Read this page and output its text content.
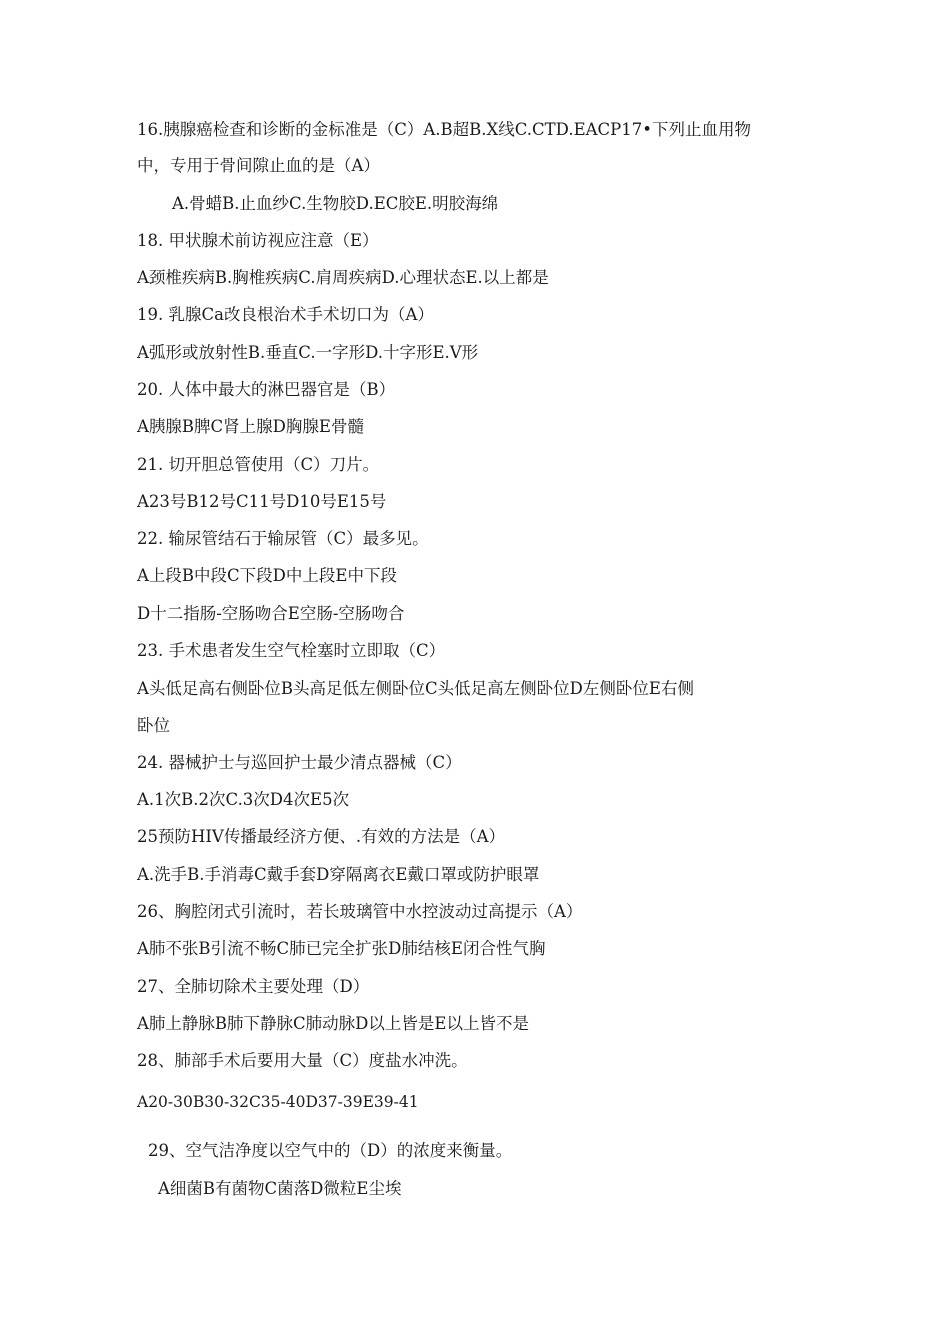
16.胰腺癌检查和诊断的金标准是（C）A.B超B.X线C.CTD.EACP17•下列止血用物
中，专用于骨间隙止血的是（A）
A.骨蜡B.止血纱C.生物胶D.EC胶E.明胶海绵
18. 甲状腺术前访视应注意（E）
A颈椎疾病B.胸椎疾病C.肩周疾病D.心理状态E.以上都是
19. 乳腺Ca改良根治术手术切口为（A）
A弧形或放射性B.垂直C.一字形D.十字形E.V形
20. 人体中最大的淋巴器官是（B）
A胰腺B脾C肾上腺D胸腺E骨髓
21. 切开胆总管使用（C）刀片。
A23号B12号C11号D10号E15号
22. 输尿管结石于输尿管（C）最多见。
A上段B中段C下段D中上段E中下段
D十二指肠-空肠吻合E空肠-空肠吻合
23. 手术患者发生空气栓塞时立即取（C）
A头低足高右侧卧位B头高足低左侧卧位C头低足高左侧卧位D左侧卧位E右侧
卧位
24. 器械护士与巡回护士最少清点器械（C）
A.1次B.2次C.3次D4次E5次
25预防HIV传播最经济方便、.有效的方法是（A）
A.洗手B.手消毒C戴手套D穿隔离衣E戴口罩或防护眼罩
26、胸腔闭式引流时，若长玻璃管中水控波动过高提示（A）
A肺不张B引流不畅C肺已完全扩张D肺结核E闭合性气胸
27、全肺切除术主要处理（D）
A肺上静脉B肺下静脉C肺动脉D以上皆是E以上皆不是
28、肺部手术后要用大量（C）度盐水冲洗。
A20-30B30-32C35-40D37-39E39-41
29、空气洁净度以空气中的（D）的浓度来衡量。
A细菌B有菌物C菌落D微粒E尘埃
